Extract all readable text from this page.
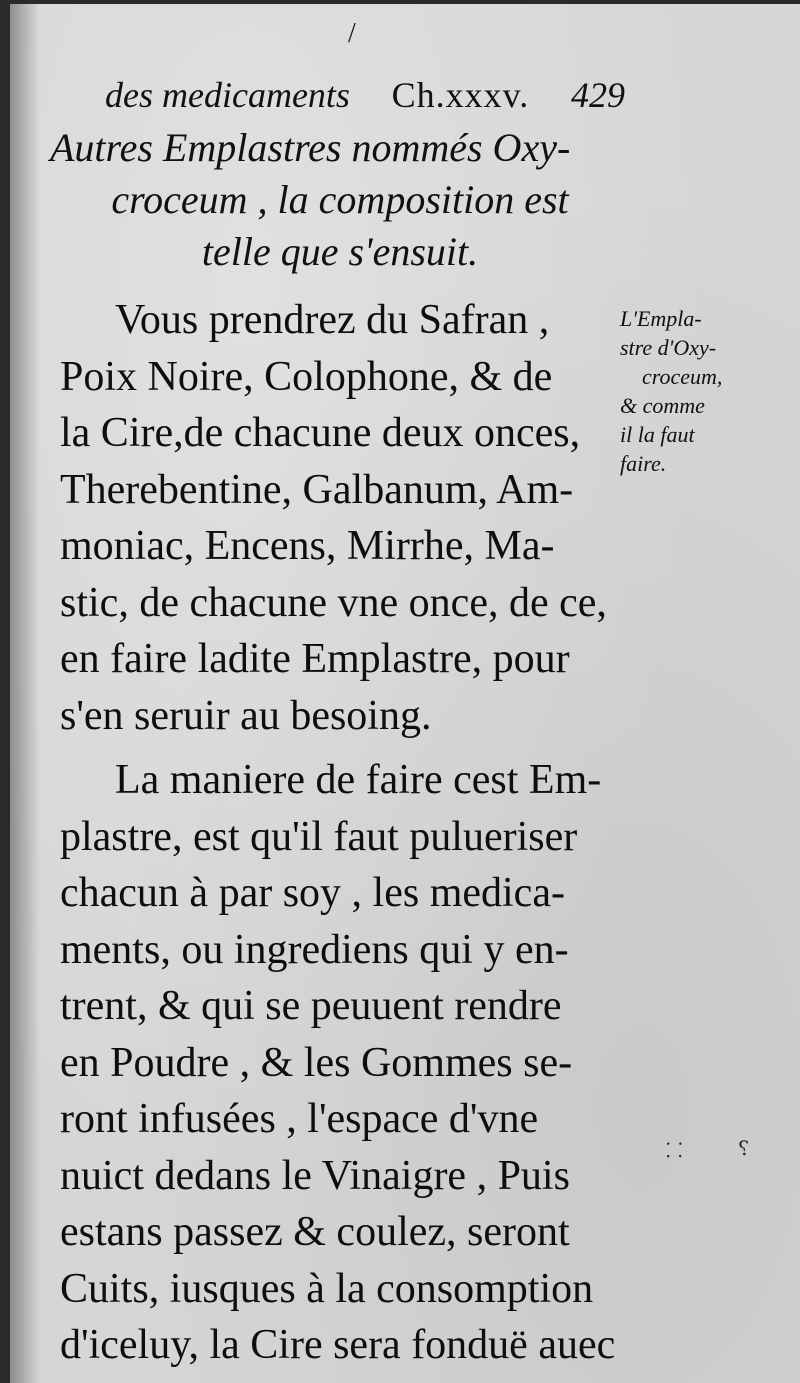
/
des medicaments Ch.xxxv. 429
Autres Emplastres nommés Oxy-
croceum , la composition est
telle que s'ensuit.
Vous prendrez du Safran ,
Poix Noire, Colophone, & de
la Cire,de chacune deux onces,
Therebentine, Galbanum, Am-
moniac, Encens, Mirrhe, Ma-
stic, de chacune vne once, de ce,
en faire ladite Emplastre, pour
s'en seruir au besoing.
La maniere de faire cest Em-
plastre, est qu'il faut pulueriser
chacun à par soy , les medica-
ments, ou ingrediens qui y en-
trent, & qui se peuuent rendre
en Poudre , & les Gommes se-
ront infusées , l'espace d'vne
nuict dedans le Vinaigre , Puis
estans passez & coulez, seront
Cuits, iusques à la consomption
d'iceluy, la Cire sera fonduë auec
L'Empla-
stre d'Oxy-
croceum,
& comme
il la faut
faire.
⸬	⸮
